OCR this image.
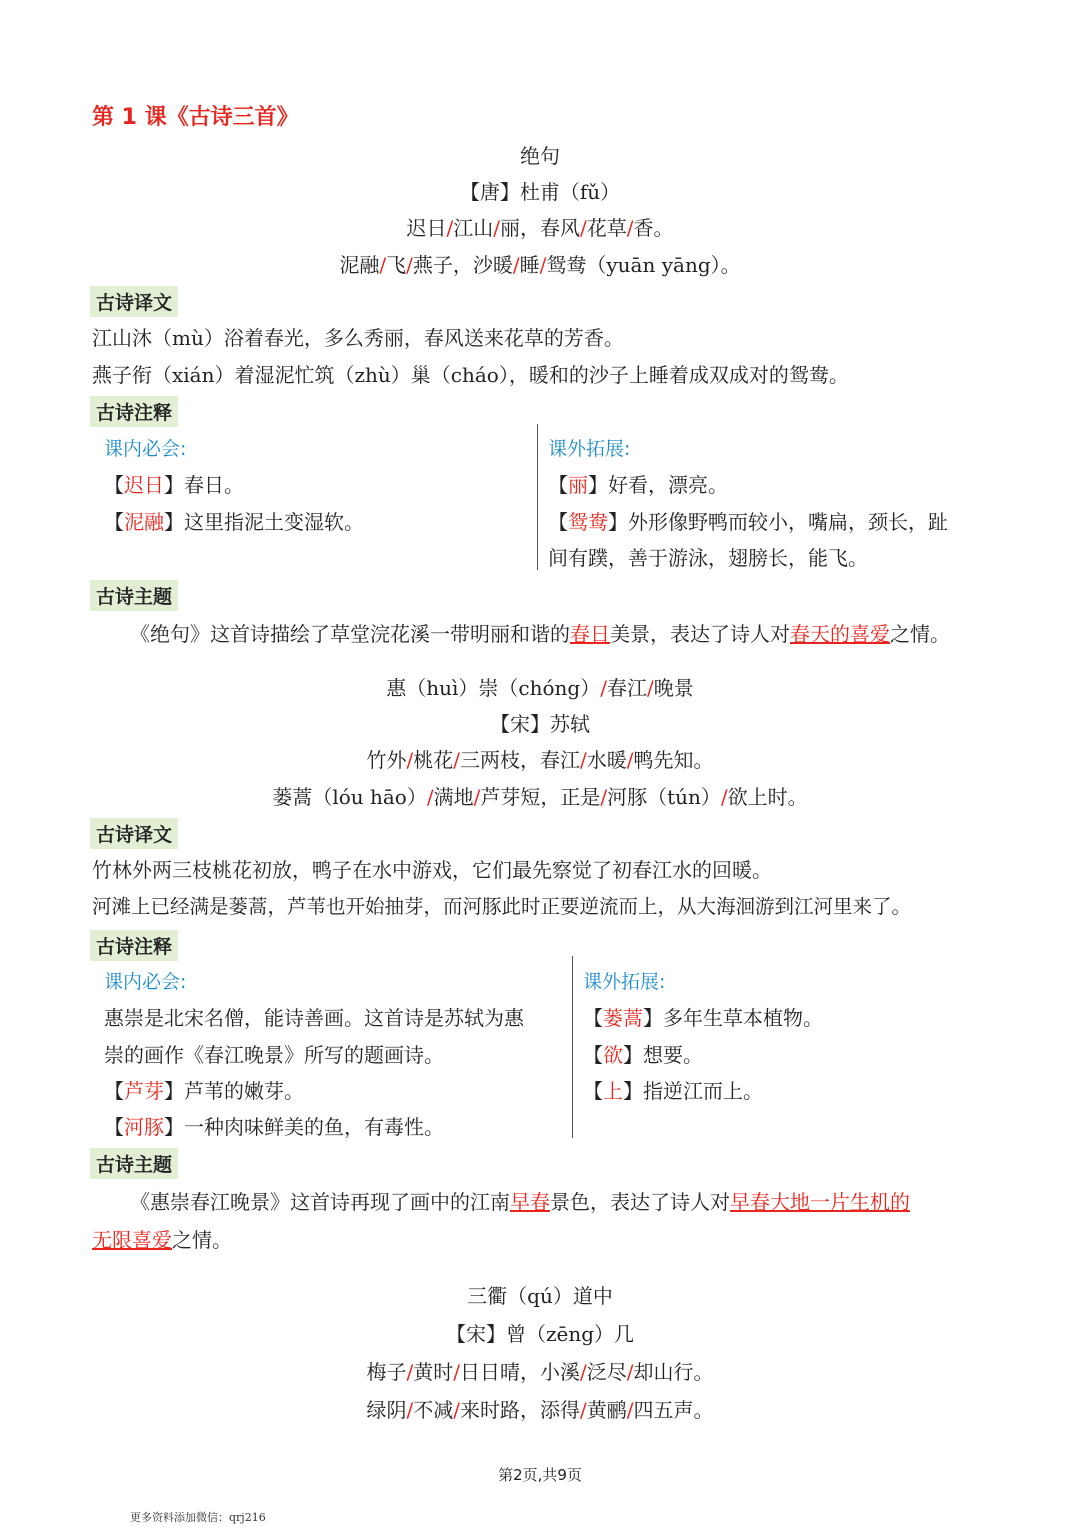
第 1 课《古诗三首》
绝句
【唐】杜甫（fǔ）
迟日/江山/丽，春风/花草/香。
泥融/飞/燕子，沙暖/睡/鸳鸯（yuān yāng）。
古诗译文
江山沐（mù）浴着春光，多么秀丽，春风送来花草的芳香。
燕子衔（xián）着湿泥忙筑（zhù）巢（cháo），暖和的沙子上睡着成双成对的鸳鸯。
古诗注释
课内必会:
【迟日】春日。
【泥融】这里指泥土变湿软。
课外拓展:
【丽】好看，漂亮。
【鸳鸯】外形像野鸭而较小，嘴扁，颈长，趾
间有蹼，善于游泳，翅膀长，能飞。
古诗主题
《绝句》这首诗描绘了草堂浣花溪一带明丽和谐的春日美景，表达了诗人对春天的喜爱之情。
惠（huì）崇（chóng）/春江/晚景
【宋】苏轼
竹外/桃花/三两枝，春江/水暖/鸭先知。
蒌蒿（lóu hāo）/满地/芦芽短，正是/河豚（tún）/欲上时。
古诗译文
竹林外两三枝桃花初放，鸭子在水中游戏，它们最先察觉了初春江水的回暖。
河滩上已经满是蒌蒿，芦苇也开始抽芽，而河豚此时正要逆流而上，从大海洄游到江河里来了。
古诗注释
课内必会:
惠崇是北宋名僧，能诗善画。这首诗是苏轼为惠
崇的画作《春江晚景》所写的题画诗。
【芦芽】芦苇的嫩芽。
【河豚】一种肉味鲜美的鱼，有毒性。
课外拓展:
【蒌蒿】多年生草本植物。
【欲】想要。
【上】指逆江而上。
古诗主题
《惠崇春江晚景》这首诗再现了画中的江南早春景色，表达了诗人对早春大地一片生机的
无限喜爱之情。
三衢（qú）道中
【宋】曾（zēng）几
梅子/黄时/日日晴，小溪/泛尽/却山行。
绿阴/不减/来时路，添得/黄鹂/四五声。
第2页,共9页
更多资料添加微信：qrj216
